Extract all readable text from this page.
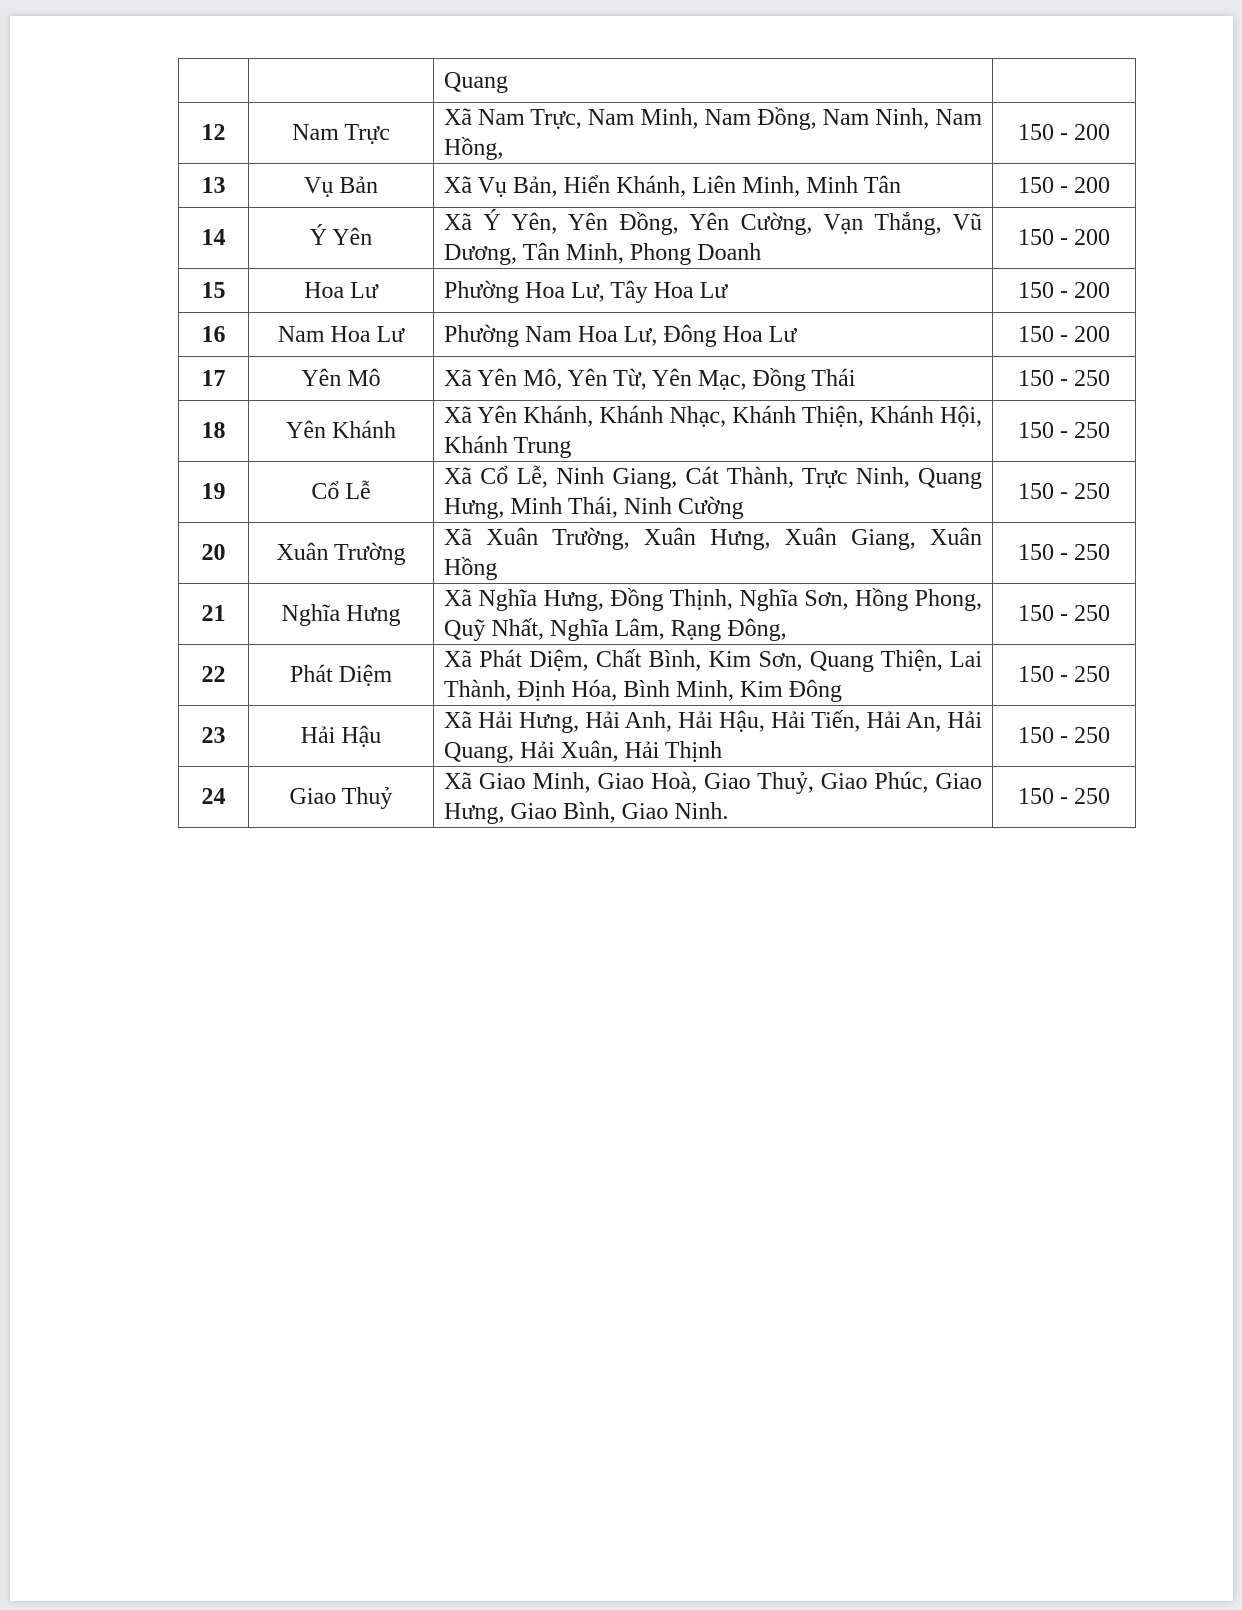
		Quang	
12	Nam Trực	Xã Nam Trực, Nam Minh, Nam Đồng, Nam Ninh, Nam Hồng,	150 - 200
13	Vụ Bản	Xã Vụ Bản, Hiển Khánh, Liên Minh, Minh Tân	150 - 200
14	Ý Yên	Xã Ý Yên, Yên Đồng, Yên Cường, Vạn Thắng, Vũ Dương, Tân Minh, Phong Doanh	150 - 200
15	Hoa Lư	Phường Hoa Lư, Tây Hoa Lư	150 - 200
16	Nam Hoa Lư	Phường Nam Hoa Lư, Đông Hoa Lư	150 - 200
17	Yên Mô	Xã Yên Mô, Yên Từ, Yên Mạc, Đồng Thái	150 - 250
18	Yên Khánh	Xã Yên Khánh, Khánh Nhạc, Khánh Thiện, Khánh Hội, Khánh Trung	150 - 250
19	Cổ Lễ	Xã Cổ Lễ, Ninh Giang, Cát Thành, Trực Ninh, Quang Hưng, Minh Thái, Ninh Cường	150 - 250
20	Xuân Trường	Xã Xuân Trường, Xuân Hưng, Xuân Giang, Xuân Hồng	150 - 250
21	Nghĩa Hưng	Xã Nghĩa Hưng, Đồng Thịnh, Nghĩa Sơn, Hồng Phong, Quỹ Nhất, Nghĩa Lâm, Rạng Đông,	150 - 250
22	Phát Diệm	Xã Phát Diệm, Chất Bình, Kim Sơn, Quang Thiện, Lai Thành, Định Hóa, Bình Minh, Kim Đông	150 - 250
23	Hải Hậu	Xã Hải Hưng, Hải Anh, Hải Hậu, Hải Tiến, Hải An, Hải Quang, Hải Xuân, Hải Thịnh	150 - 250
24	Giao Thuỷ	Xã Giao Minh, Giao Hoà, Giao Thuỷ, Giao Phúc, Giao Hưng, Giao Bình, Giao Ninh.	150 - 250
